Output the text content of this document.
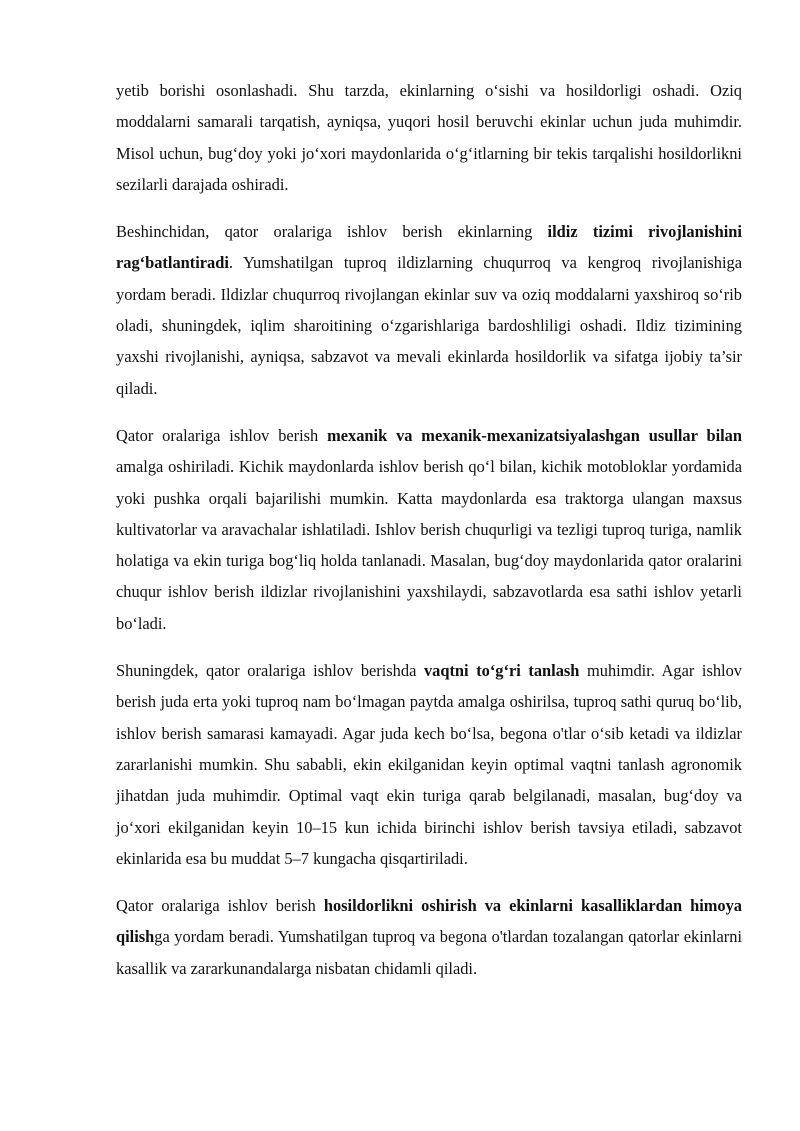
yetib borishi osonlashadi. Shu tarzda, ekinlarning o‘sishi va hosildorligi oshadi. Oziq moddalarni samarali tarqatish, ayniqsa, yuqori hosil beruvchi ekinlar uchun juda muhimdir. Misol uchun, bug‘doy yoki jo‘xori maydonlarida o‘g‘itlarning bir tekis tarqalishi hosildorlikni sezilarli darajada oshiradi.

Beshinchidan, qator oralariga ishlov berish ekinlarning ildiz tizimi rivojlanishini rag‘batlantiradi. Yumshatilgan tuproq ildizlarning chuqurroq va kengroq rivojlanishiga yordam beradi. Ildizlar chuqurroq rivojlangan ekinlar suv va oziq moddalarni yaxshiroq so‘rib oladi, shuningdek, iqlim sharoitining o‘zgarishlariga bardoshliligi oshadi. Ildiz tizimining yaxshi rivojlanishi, ayniqsa, sabzavot va mevali ekinlarda hosildorlik va sifatga ijobiy ta’sir qiladi.

Qator oralariga ishlov berish mexanik va mexanik-mexanizatsiyalashgan usullar bilan amalga oshiriladi. Kichik maydonlarda ishlov berish qo‘l bilan, kichik motobloklar yordamida yoki pushka orqali bajarilishi mumkin. Katta maydonlarda esa traktorga ulangan maxsus kultivatorlar va aravachalar ishlatiladi. Ishlov berish chuqurligi va tezligi tuproq turiga, namlik holatiga va ekin turiga bog‘liq holda tanlanadi. Masalan, bug‘doy maydonlarida qator oralarini chuqur ishlov berish ildizlar rivojlanishini yaxshilaydi, sabzavotlarda esa sathi ishlov yetarli bo‘ladi.

Shuningdek, qator oralariga ishlov berishda vaqtni to‘g‘ri tanlash muhimdir. Agar ishlov berish juda erta yoki tuproq nam bo‘lmagan paytda amalga oshirilsa, tuproq sathi quruq bo‘lib, ishlov berish samarasi kamayadi. Agar juda kech bo‘lsa, begona o'tlar o‘sib ketadi va ildizlar zararlanishi mumkin. Shu sababli, ekin ekilganidan keyin optimal vaqtni tanlash agronomik jihatdan juda muhimdir. Optimal vaqt ekin turiga qarab belgilanadi, masalan, bug‘doy va jo‘xori ekilganidan keyin 10–15 kun ichida birinchi ishlov berish tavsiya etiladi, sabzavot ekinlarida esa bu muddat 5–7 kungacha qisqartiriladi.

Qator oralariga ishlov berish hosildorlikni oshirish va ekinlarni kasalliklardan himoya qilishga yordam beradi. Yumshatilgan tuproq va begona o'tlardan tozalangan qatorlar ekinlarni kasallik va zararkunandalarga nisbatan chidamli qiladi.
